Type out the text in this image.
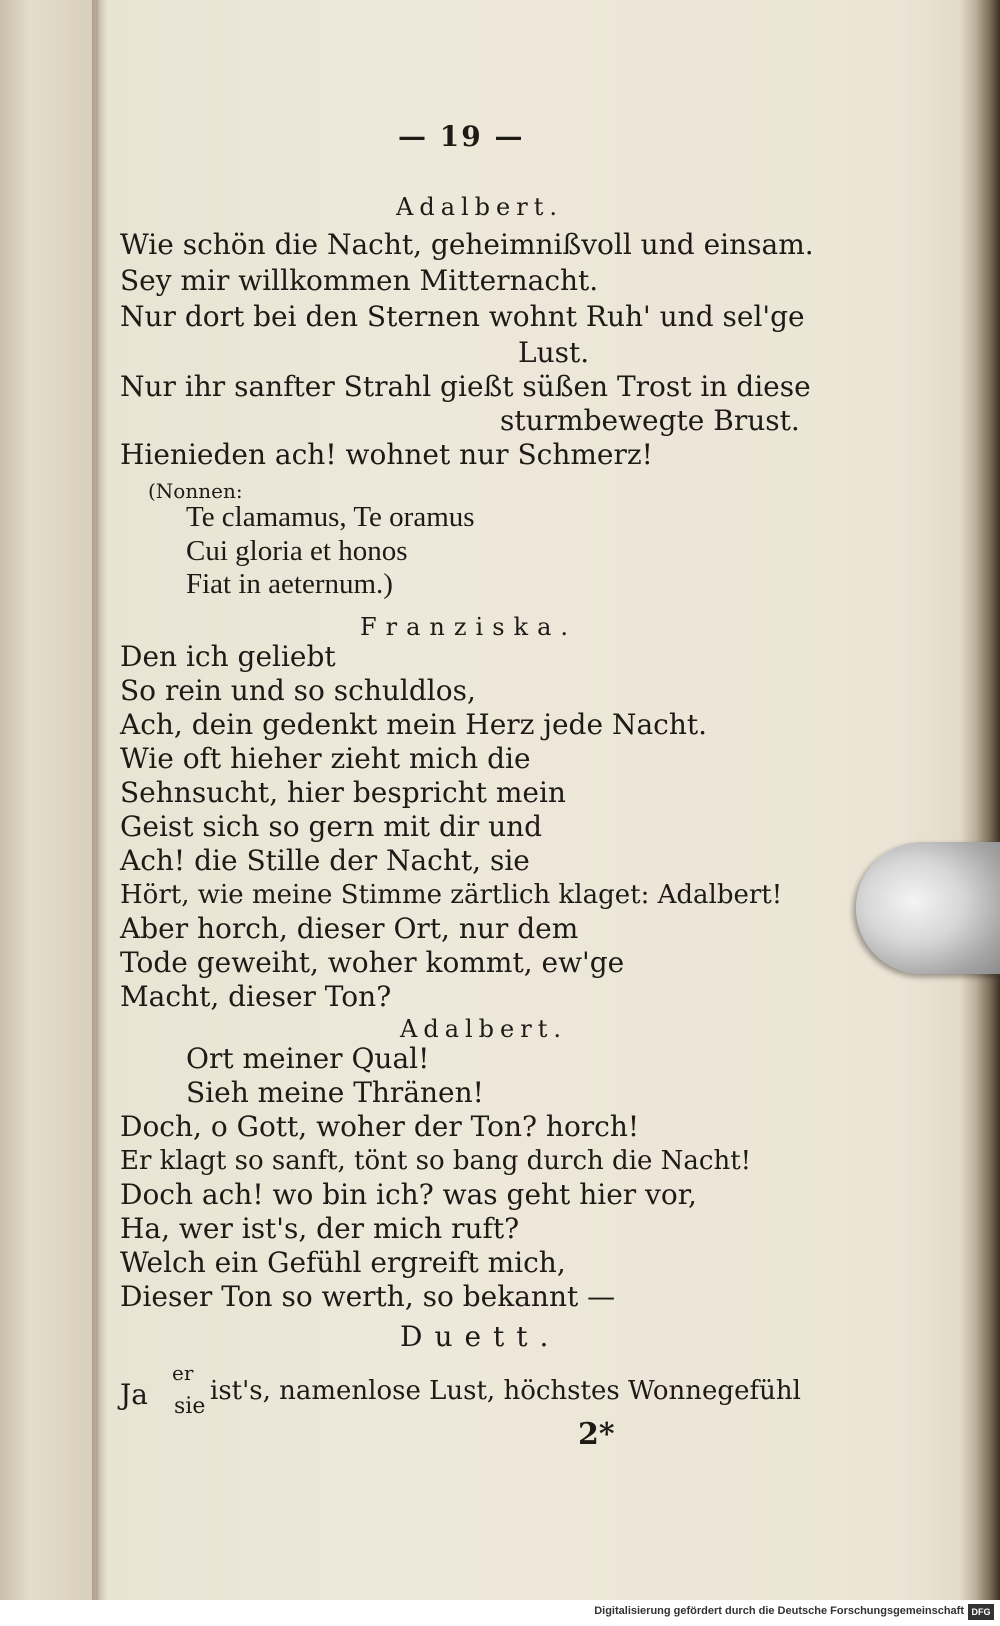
— 19 —
Adalbert.
Wie schön die Nacht, geheimnißvoll und einsam.
Sey mir willkommen Mitternacht.
Nur dort bei den Sternen wohnt Ruh' und sel'ge
Lust.
Nur ihr sanfter Strahl gießt süßen Trost in diese
sturmbewegte Brust.
Hienieden ach! wohnet nur Schmerz!
(Nonnen:
Te clamamus, Te oramus
Cui gloria et honos
Fiat in aeternum.)
Franziska.
Den ich geliebt
So rein und so schuldlos,
Ach, dein gedenkt mein Herz jede Nacht.
Wie oft hieher zieht mich die
Sehnsucht, hier bespricht mein
Geist sich so gern mit dir und
Ach! die Stille der Nacht, sie
Hört, wie meine Stimme zärtlich klaget: Adalbert!
Aber horch, dieser Ort, nur dem
Tode geweiht, woher kommt, ew'ge
Macht, dieser Ton?
Adalbert.
Ort meiner Qual!
Sieh meine Thränen!
Doch, o Gott, woher der Ton? horch!
Er klagt so sanft, tönt so bang durch die Nacht!
Doch ach! wo bin ich? was geht hier vor,
Ha, wer ist's, der mich ruft?
Welch ein Gefühl ergreift mich,
Dieser Ton so werth, so bekannt —
Duett.
Ja
er
sie
ist's, namenlose Lust, höchstes Wonnegefühl
2*
Digitalisierung gefördert durch die Deutsche Forschungsgemeinschaft DFG
